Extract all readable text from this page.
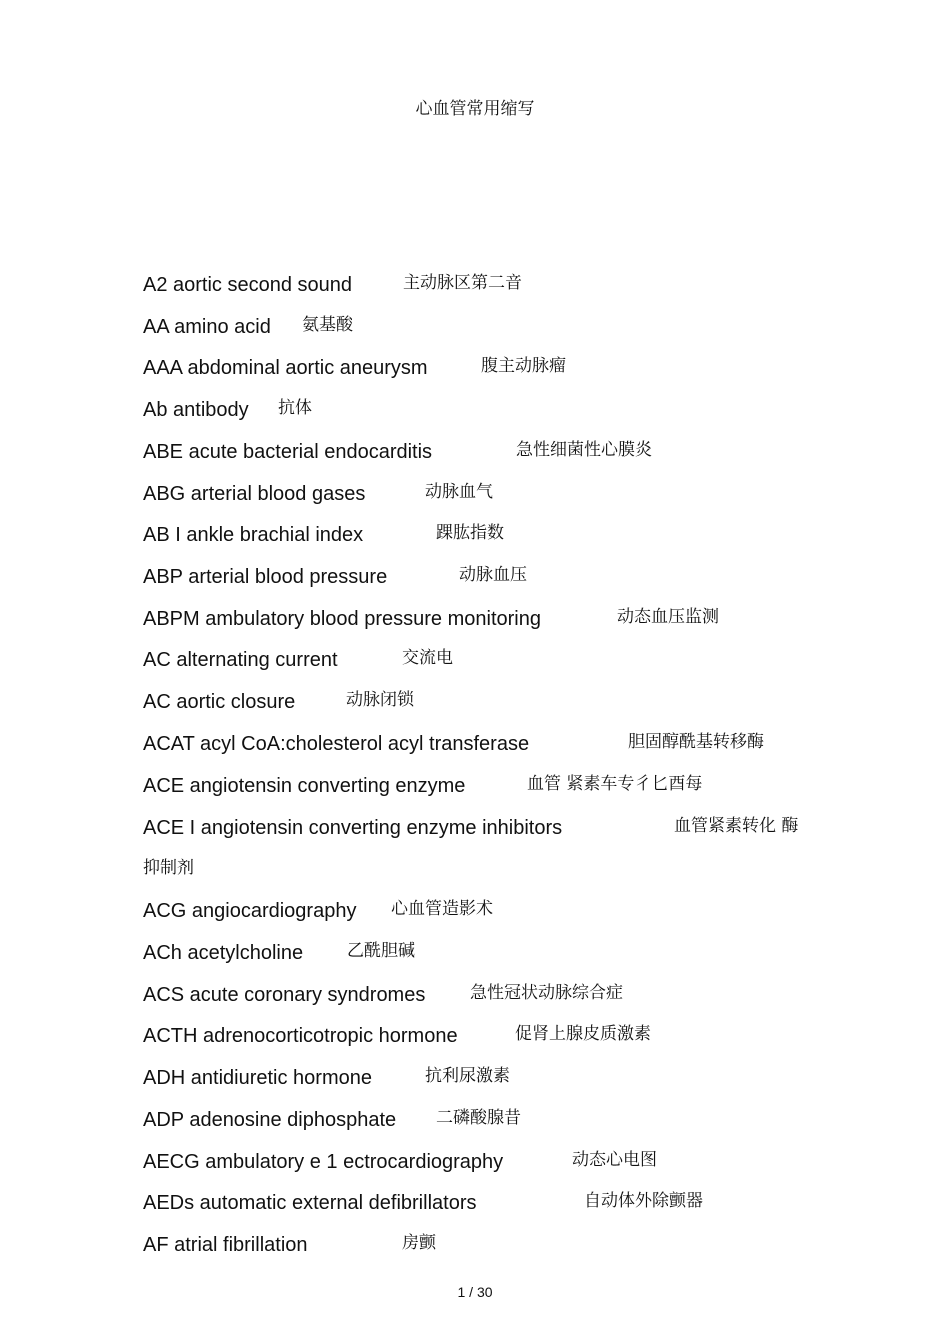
心血管常用缩写
A2 aortic second sound	主动脉区第二音
AA amino acid 氨基酸
AAA abdominal aortic aneurysm	腹主动脉瘤
Ab antibody 抗体
ABE acute bacterial endocarditis	急性细菌性心膜炎
ABG arterial blood gases	动脉血气
AB I ankle brachial index	踝肱指数
ABP arterial blood pressure	动脉血压
ABPM ambulatory blood pressure monitoring	动态血压监测
AC alternating current	交流电
AC aortic closure	动脉闭锁
ACAT acyl CoA:cholesterol acyl transferase	胆固醇酰基转移酶
ACE angiotensin converting enzyme	血管 紧素车专彳匕酉每
ACE I angiotensin converting enzyme inhibitors	血管紧素转化 酶
抑制剂
ACG angiocardiography 心血管造影术
ACh acetylcholine	乙酰胆碱
ACS acute coronary syndromes	急性冠状动脉综合症
ACTH adrenocorticotropic hormone	促肾上腺皮质激素
ADH antidiuretic hormone	抗利尿激素
ADP adenosine diphosphate 二磷酸腺昔
AECG ambulatory e 1 ectrocardiography	动态心电图
AEDs automatic external defibrillators	自动体外除颤器
AF atrial fibrillation	房颤
1 / 30
